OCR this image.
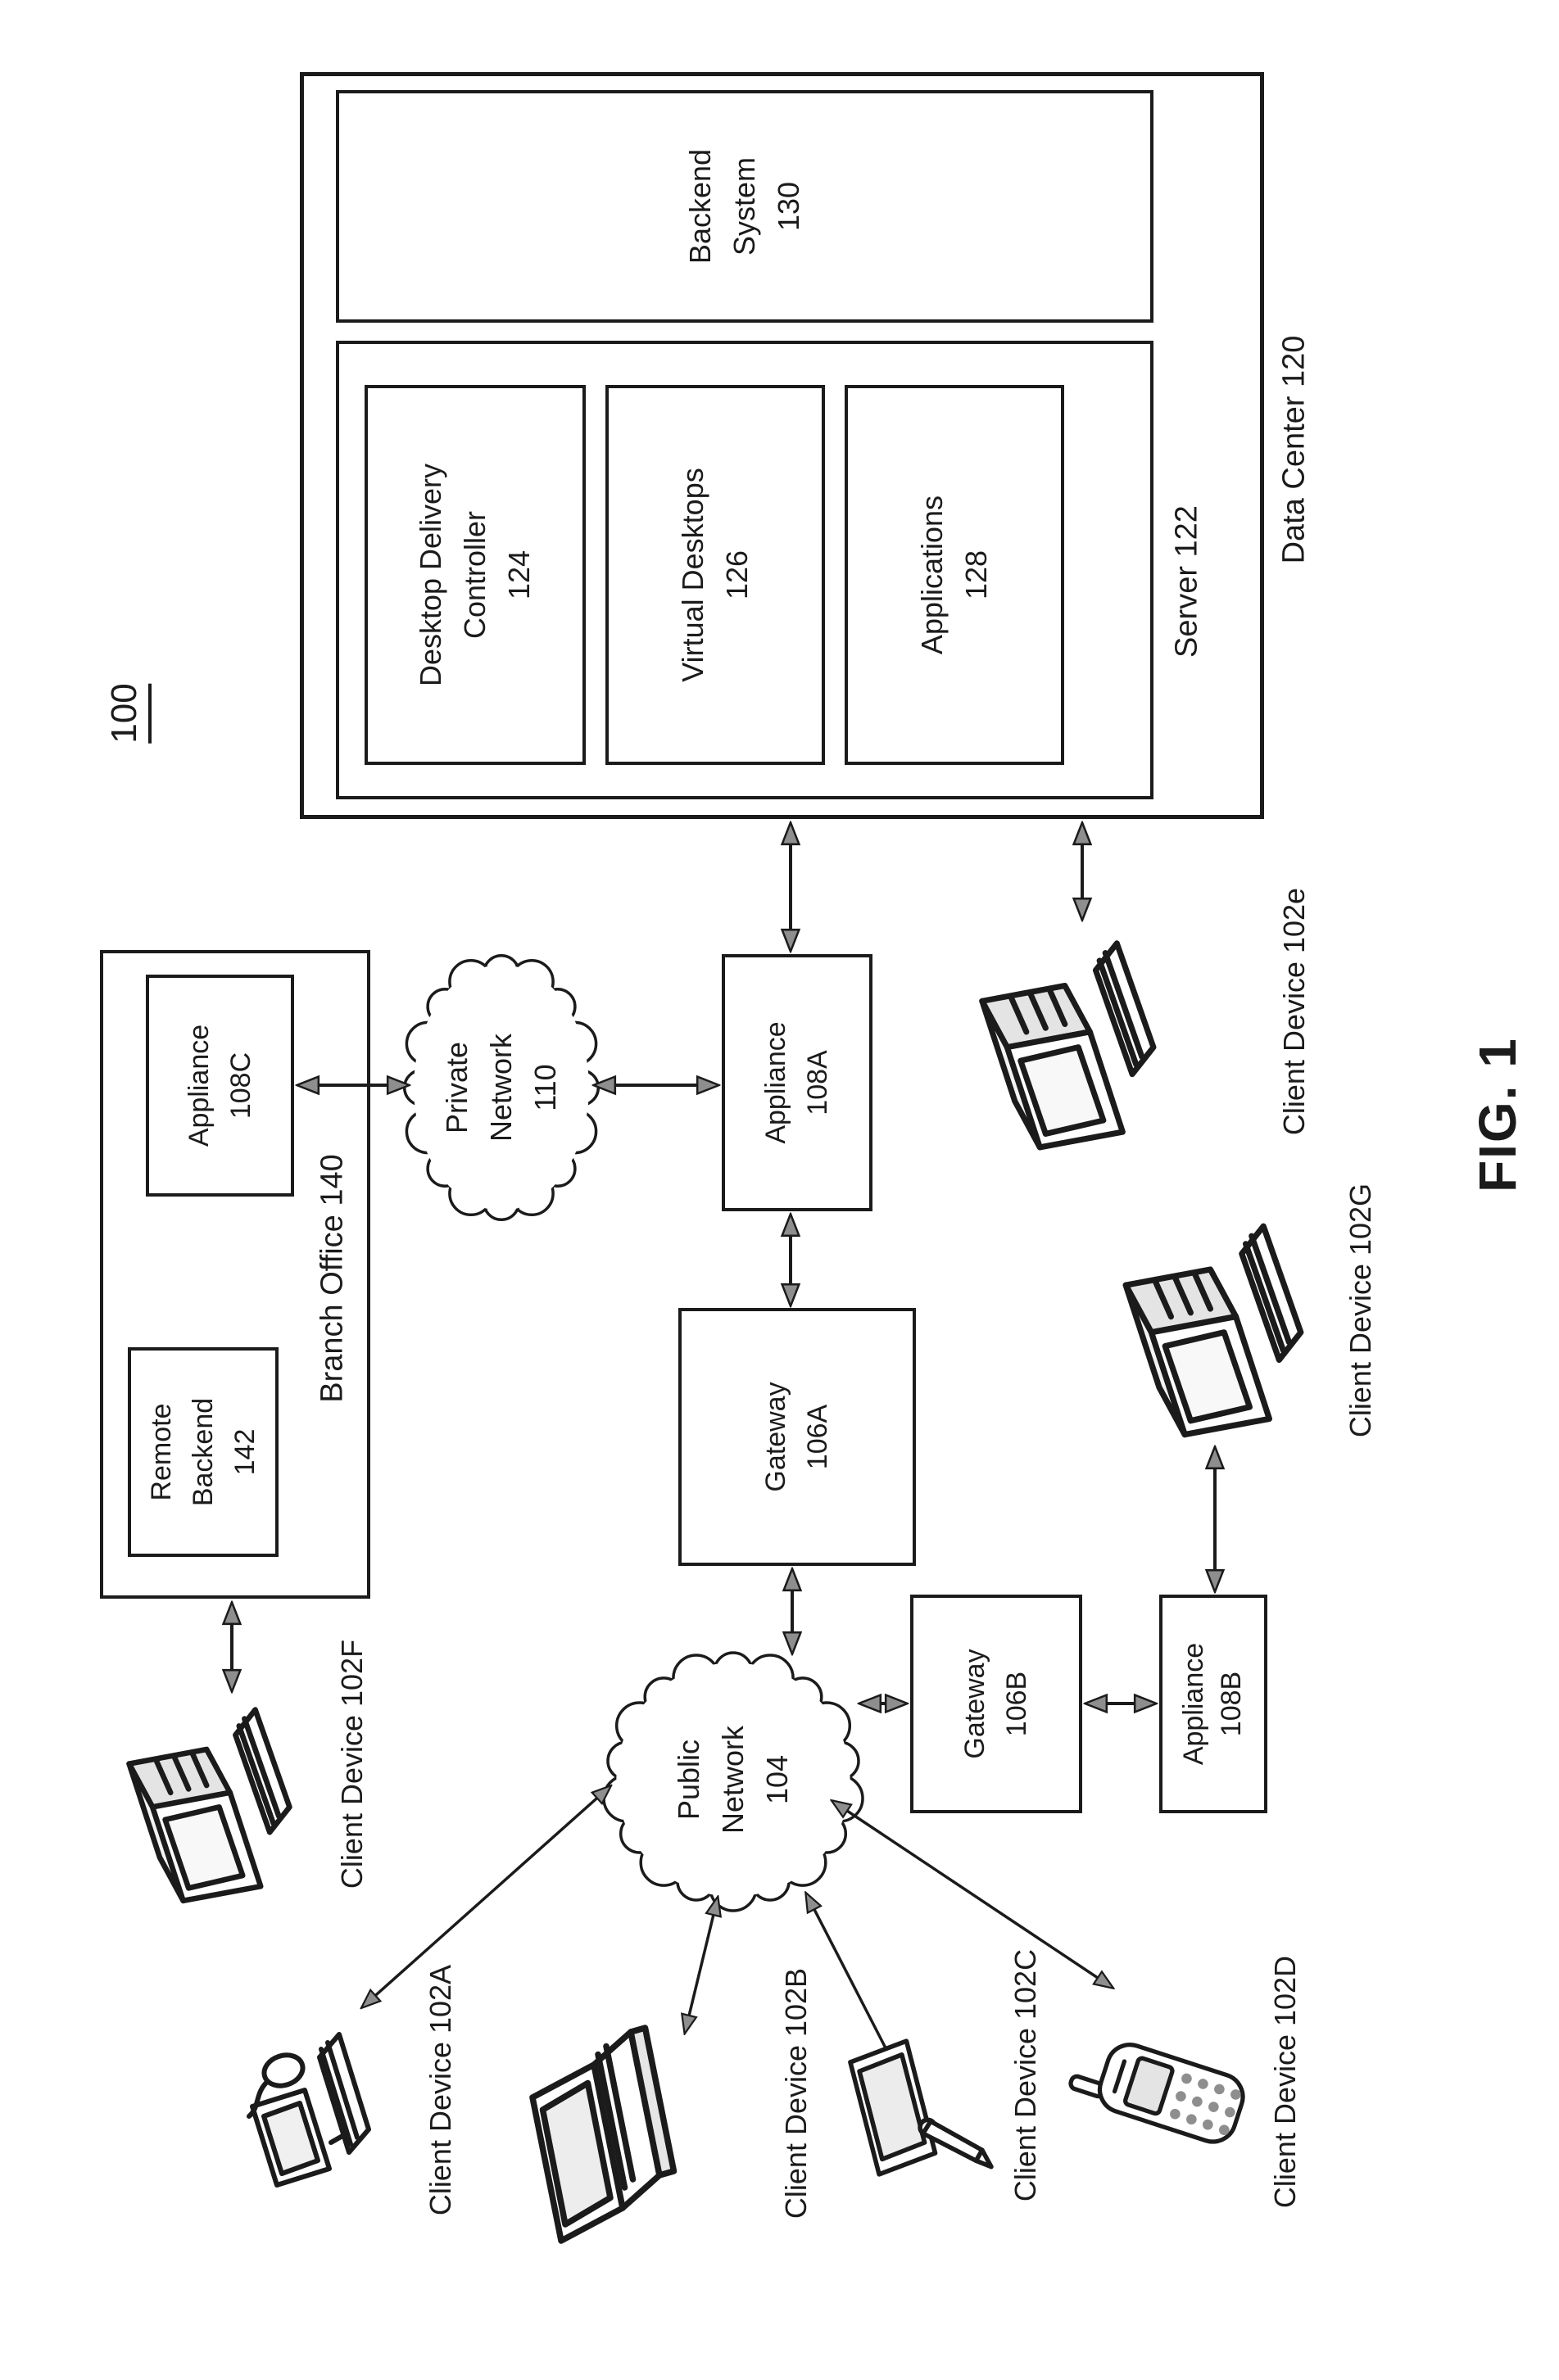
100
Desktop Delivery Controller 124	Virtual Desktops 126	Applications 128
Backend System 130
Server 122
Data Center 120
Remote Backend 142
Appliance 108C
Branch Office 140
Private Network 110
Public Network 104
Appliance 108A
Gateway 106A
Gateway 106B	Appliance 108B
Client Device 102A	Client Device 102B	Client Device 102C	Client Device 102D
Client Device 102F
Client Device 102e
Client Device 102G
FIG. 1
